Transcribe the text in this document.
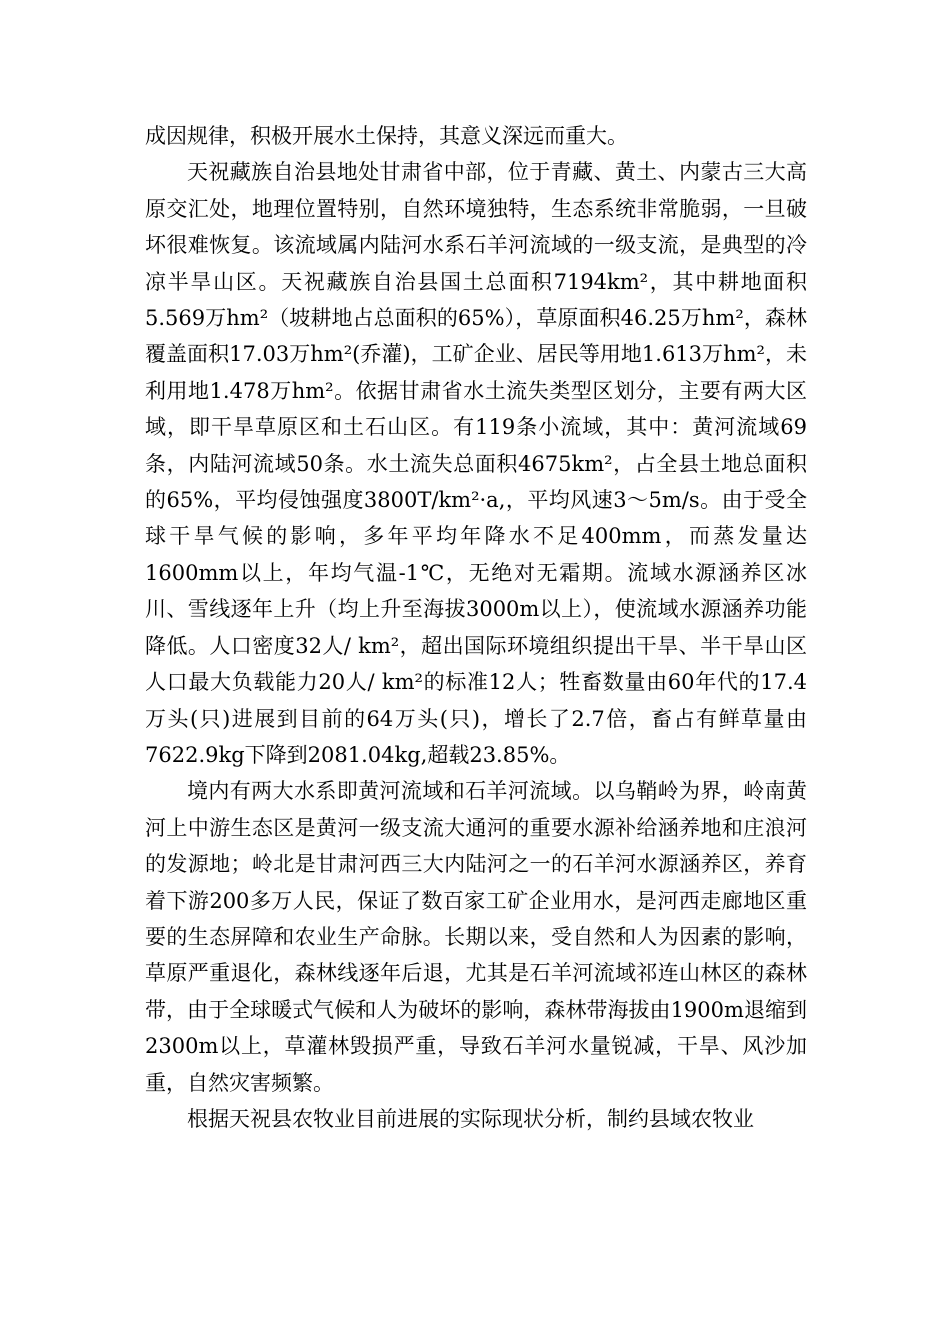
成因规律，积极开展水土保持，其意义深远而重大。

天祝藏族自治县地处甘肃省中部，位于青藏、黄土、内蒙古三大高原交汇处，地理位置特别，自然环境独特，生态系统非常脆弱，一旦破坏很难恢复。该流域属内陆河水系石羊河流域的一级支流，是典型的冷凉半旱山区。天祝藏族自治县国土总面积7194km²，其中耕地面积5.569万hm²（坡耕地占总面积的65%），草原面积46.25万hm²，森林覆盖面积17.03万hm²(乔灌)，工矿企业、居民等用地1.613万hm²，未利用地1.478万hm²。依据甘肃省水土流失类型区划分，主要有两大区域，即干旱草原区和土石山区。有119条小流域，其中：黄河流域69条，内陆河流域50条。水土流失总面积4675km²，占全县土地总面积的65%，平均侵蚀强度3800T/km²·a,，平均风速3～5m/s。由于受全球干旱气候的影响，多年平均年降水不足400mm，而蒸发量达1600mm以上，年均气温-1℃，无绝对无霜期。流域水源涵养区冰川、雪线逐年上升（均上升至海拔3000m以上），使流域水源涵养功能降低。人口密度32人/ km²，超出国际环境组织提出干旱、半干旱山区人口最大负载能力20人/ km²的标准12人；牲畜数量由60年代的17.4万头(只)进展到目前的64万头(只)，增长了2.7倍，畜占有鲜草量由7622.9kg下降到2081.04kg,超载23.85%。

境内有两大水系即黄河流域和石羊河流域。以乌鞘岭为界，岭南黄河上中游生态区是黄河一级支流大通河的重要水源补给涵养地和庄浪河的发源地；岭北是甘肃河西三大内陆河之一的石羊河水源涵养区，养育着下游200多万人民，保证了数百家工矿企业用水，是河西走廊地区重要的生态屏障和农业生产命脉。长期以来，受自然和人为因素的影响，草原严重退化，森林线逐年后退，尤其是石羊河流域祁连山林区的森林带，由于全球暖式气候和人为破坏的影响，森林带海拔由1900m退缩到2300m以上，草灌林毁损严重，导致石羊河水量锐减，干旱、风沙加重，自然灾害频繁。

根据天祝县农牧业目前进展的实际现状分析，制约县域农牧业
